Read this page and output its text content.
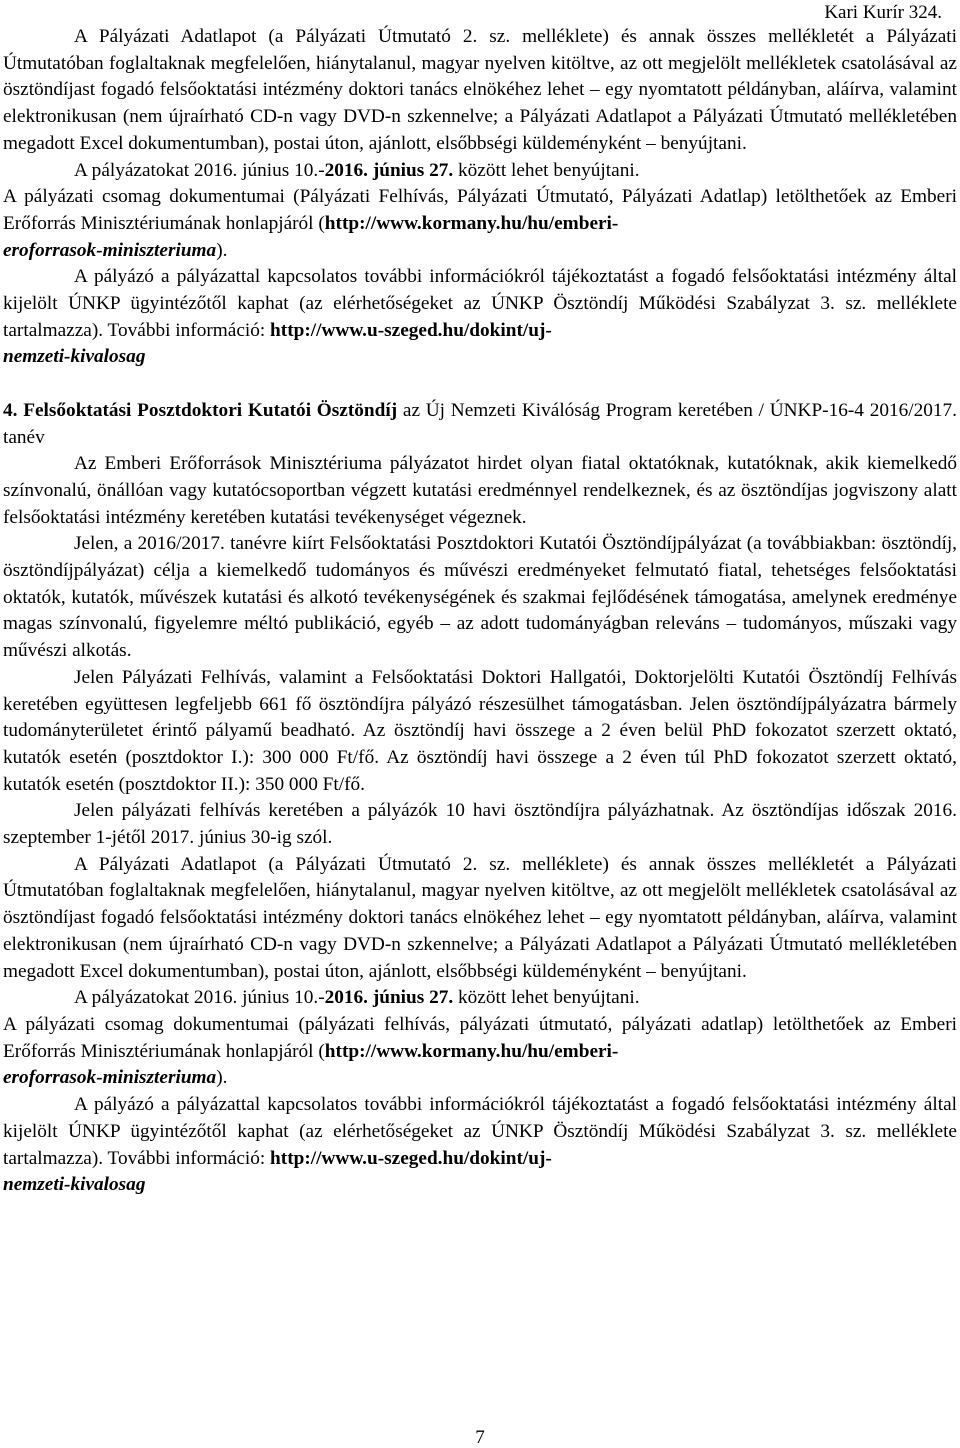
Kari Kurír 324.

A Pályázati Adatlapot (a Pályázati Útmutató 2. sz. melléklete) és annak összes mellékletét a Pályázati Útmutatóban foglaltaknak megfelelően, hiánytalanul, magyar nyelven kitöltve, az ott megjelölt mellékletek csatolásával az ösztöndíjast fogadó felsőoktatási intézmény doktori tanács elnökéhez lehet – egy nyomtatott példányban, aláírva, valamint elektronikusan (nem újraírható CD-n vagy DVD-n szkennelve; a Pályázati Adatlapot a Pályázati Útmutató mellékletében megadott Excel dokumentumban), postai úton, ajánlott, elsőbbségi küldeményként – benyújtani.

A pályázatokat 2016. június 10.-2016. június 27. között lehet benyújtani.

A pályázati csomag dokumentumai (Pályázati Felhívás, Pályázati Útmutató, Pályázati Adatlap) letölthetőek az Emberi Erőforrás Minisztériumának honlapjáról (http://www.kormany.hu/hu/emberi-
eroforrasok-miniszteriuma).

A pályázó a pályázattal kapcsolatos további információkról tájékoztatást a fogadó felsőoktatási intézmény által kijelölt ÚNKP ügyintézőtől kaphat (az elérhetőségeket az ÚNKP Ösztöndíj Működési Szabályzat 3. sz. melléklete tartalmazza). További információ: http://www.u-szeged.hu/dokint/uj-
nemzeti-kivalosag

4. Felsőoktatási Posztdoktori Kutatói Ösztöndíj az Új Nemzeti Kiválóság Program keretében / ÚNKP-16-4 2016/2017. tanév

Az Emberi Erőforrások Minisztériuma pályázatot hirdet olyan fiatal oktatóknak, kutatóknak, akik kiemelkedő színvonalú, önállóan vagy kutatócsoportban végzett kutatási eredménnyel rendelkeznek, és az ösztöndíjas jogviszony alatt felsőoktatási intézmény keretében kutatási tevékenységet végeznek.

Jelen, a 2016/2017. tanévre kiírt Felsőoktatási Posztdoktori Kutatói Ösztöndíjpályázat (a továbbiakban: ösztöndíj, ösztöndíjpályázat) célja a kiemelkedő tudományos és művészi eredményeket felmutató fiatal, tehetséges felsőoktatási oktatók, kutatók, művészek kutatási és alkotó tevékenységének és szakmai fejlődésének támogatása, amelynek eredménye magas színvonalú, figyelemre méltó publikáció, egyéb – az adott tudományágban releváns – tudományos, műszaki vagy művészi alkotás.

Jelen Pályázati Felhívás, valamint a Felsőoktatási Doktori Hallgatói, Doktorjelölti Kutatói Ösztöndíj Felhívás keretében együttesen legfeljebb 661 fő ösztöndíjra pályázó részesülhet támogatásban. Jelen ösztöndíjpályázatra bármely tudományterületet érintő pályamű beadható. Az ösztöndíj havi összege a 2 éven belül PhD fokozatot szerzett oktató, kutatók esetén (posztdoktor I.): 300 000 Ft/fő. Az ösztöndíj havi összege a 2 éven túl PhD fokozatot szerzett oktató, kutatók esetén (posztdoktor II.): 350 000 Ft/fő.

Jelen pályázati felhívás keretében a pályázók 10 havi ösztöndíjra pályázhatnak. Az ösztöndíjas időszak 2016. szeptember 1-jétől 2017. június 30-ig szól.

A Pályázati Adatlapot (a Pályázati Útmutató 2. sz. melléklete) és annak összes mellékletét a Pályázati Útmutatóban foglaltaknak megfelelően, hiánytalanul, magyar nyelven kitöltve, az ott megjelölt mellékletek csatolásával az ösztöndíjast fogadó felsőoktatási intézmény doktori tanács elnökéhez lehet – egy nyomtatott példányban, aláírva, valamint elektronikusan (nem újraírható CD-n vagy DVD-n szkennelve; a Pályázati Adatlapot a Pályázati Útmutató mellékletében megadott Excel dokumentumban), postai úton, ajánlott, elsőbbségi küldeményként – benyújtani.

A pályázatokat 2016. június 10.-2016. június 27. között lehet benyújtani.

A pályázati csomag dokumentumai (pályázati felhívás, pályázati útmutató, pályázati adatlap) letölthetőek az Emberi Erőforrás Minisztériumának honlapjáról (http://www.kormany.hu/hu/emberi-
eroforrasok-miniszteriuma).

A pályázó a pályázattal kapcsolatos további információkról tájékoztatást a fogadó felsőoktatási intézmény által kijelölt ÚNKP ügyintézőtől kaphat (az elérhetőségeket az ÚNKP Ösztöndíj Működési Szabályzat 3. sz. melléklete tartalmazza). További információ: http://www.u-szeged.hu/dokint/uj-
nemzeti-kivalosag

7
